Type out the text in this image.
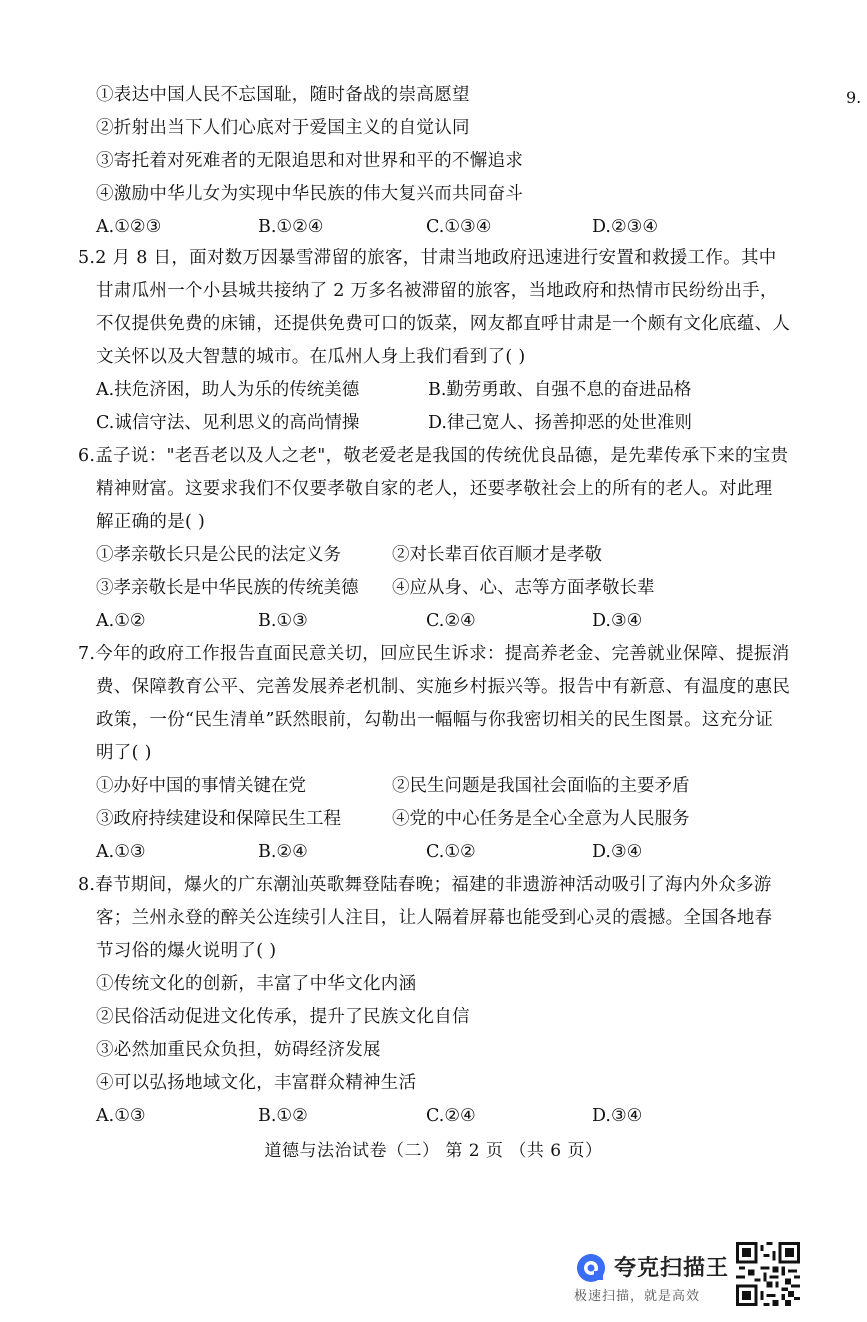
9.
①表达中国人民不忘国耻，随时备战的崇高愿望
②折射出当下人们心底对于爱国主义的自觉认同
③寄托着对死难者的无限追思和对世界和平的不懈追求
④激励中华儿女为实现中华民族的伟大复兴而共同奋斗
A.①②③	B.①②④	C.①③④	D.②③④
5.2 月 8 日，面对数万因暴雪滞留的旅客，甘肃当地政府迅速进行安置和救援工作。其中
甘肃瓜州一个小县城共接纳了 2 万多名被滞留的旅客，当地政府和热情市民纷纷出手，
不仅提供免费的床铺，还提供免费可口的饭菜，网友都直呼甘肃是一个颇有文化底蕴、人
文关怀以及大智慧的城市。在瓜州人身上我们看到了( )
A.扶危济困，助人为乐的传统美德	B.勤劳勇敢、自强不息的奋进品格
C.诚信守法、见利思义的高尚情操	D.律己宽人、扬善抑恶的处世准则
6.孟子说："老吾老以及人之老"，敬老爱老是我国的传统优良品德，是先辈传承下来的宝贵
精神财富。这要求我们不仅要孝敬自家的老人，还要孝敬社会上的所有的老人。对此理
解正确的是( )
①孝亲敬长只是公民的法定义务	②对长辈百依百顺才是孝敬
③孝亲敬长是中华民族的传统美德 ④应从身、心、志等方面孝敬长辈
A.①②	B.①③	C.②④	D.③④
7.今年的政府工作报告直面民意关切，回应民生诉求：提高养老金、完善就业保障、提振消
费、保障教育公平、完善发展养老机制、实施乡村振兴等。报告中有新意、有温度的惠民
政策，一份“民生清单”跃然眼前，勾勒出一幅幅与你我密切相关的民生图景。这充分证
明了( )
①办好中国的事情关键在党	②民生问题是我国社会面临的主要矛盾
③政府持续建设和保障民生工程	④党的中心任务是全心全意为人民服务
A.①③	B.②④	C.①②	D.③④
8.春节期间，爆火的广东潮汕英歌舞登陆春晚；福建的非遗游神活动吸引了海内外众多游
客；兰州永登的醉关公连续引人注目，让人隔着屏幕也能受到心灵的震撼。全国各地春
节习俗的爆火说明了( )
①传统文化的创新，丰富了中华文化内涵
②民俗活动促进文化传承，提升了民族文化自信
③必然加重民众负担，妨碍经济发展
④可以弘扬地域文化，丰富群众精神生活
A.①③	B.①②	C.②④	D.③④
道德与法治试卷（二） 第 2 页 （共 6 页）
夸克扫描王
极速扫描，就是高效
